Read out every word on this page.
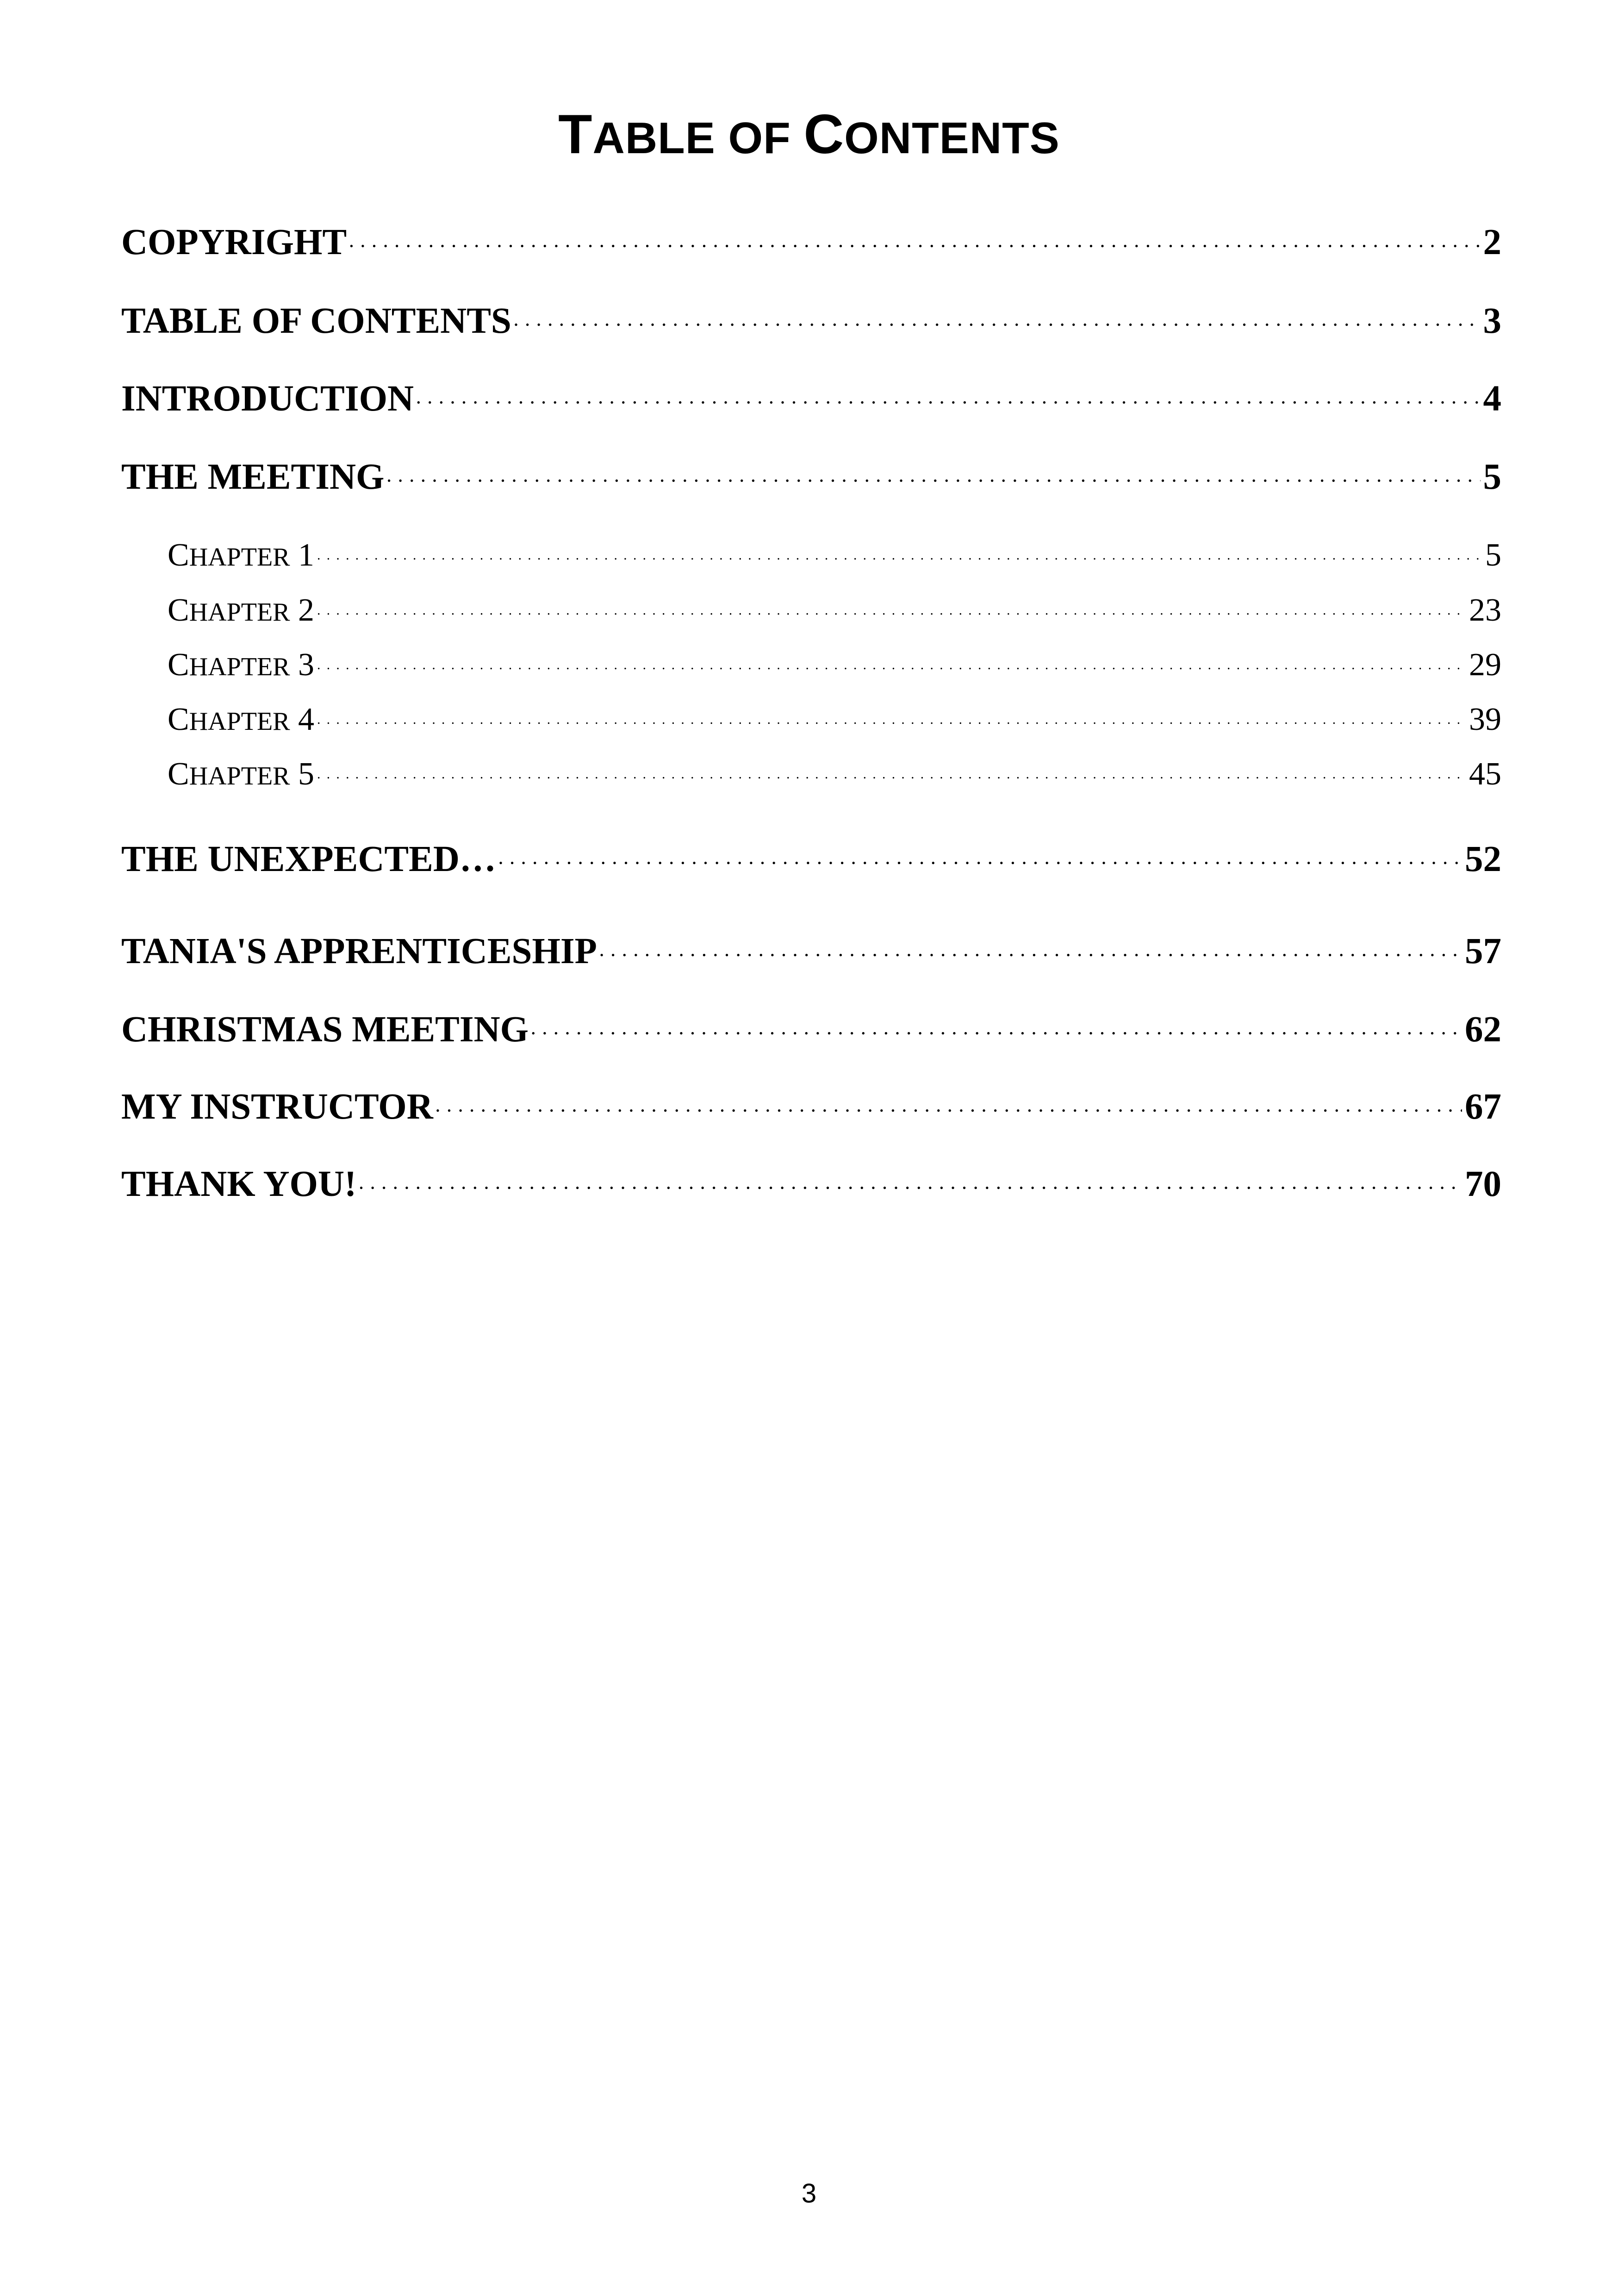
TABLE OF CONTENTS
COPYRIGHT . . .	2
TABLE OF CONTENTS . . .	3
INTRODUCTION . . .	4
THE MEETING . . .	5
CHAPTER 1 . . .	5
CHAPTER 2 . . .	23
CHAPTER 3 . . .	29
CHAPTER 4 . . .	39
CHAPTER 5 . . .	45
THE UNEXPECTED… . . .	52
TANIA'S APPRENTICESHIP . . .	57
CHRISTMAS MEETING . . .	62
MY INSTRUCTOR . . .	67
THANK YOU! . . .	70
3
